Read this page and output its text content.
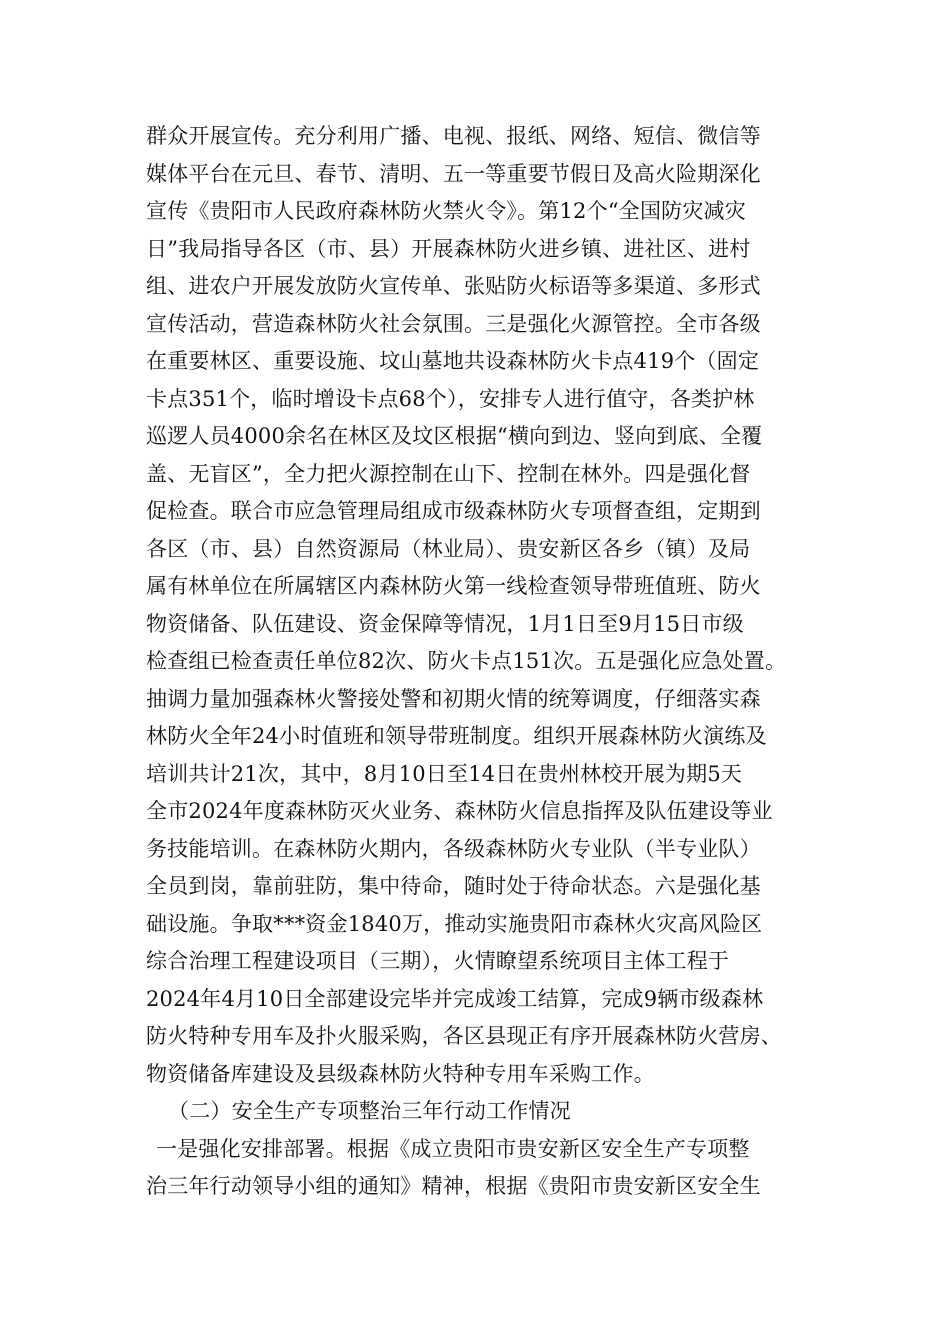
群众开展宣传。充分利用广播、电视、报纸、网络、短信、微信等
媒体平台在元旦、春节、清明、五一等重要节假日及高火险期深化
宣传《贵阳市人民政府森林防火禁火令》。第12个“全国防灾减灾
日”我局指导各区（市、县）开展森林防火进乡镇、进社区、进村
组、进农户开展发放防火宣传单、张贴防火标语等多渠道、多形式
宣传活动，营造森林防火社会氛围。三是强化火源管控。全市各级
在重要林区、重要设施、坟山墓地共设森林防火卡点419个（固定
卡点351个，临时增设卡点68个），安排专人进行值守，各类护林
巡逻人员4000余名在林区及坟区根据“横向到边、竖向到底、全覆
盖、无盲区”，全力把火源控制在山下、控制在林外。四是强化督
促检查。联合市应急管理局组成市级森林防火专项督查组，定期到
各区（市、县）自然资源局（林业局）、贵安新区各乡（镇）及局
属有林单位在所属辖区内森林防火第一线检查领导带班值班、防火
物资储备、队伍建设、资金保障等情况，1月1日至9月15日市级
检查组已检查责任单位82次、防火卡点151次。五是强化应急处置。
抽调力量加强森林火警接处警和初期火情的统筹调度，仔细落实森
林防火全年24小时值班和领导带班制度。组织开展森林防火演练及
培训共计21次，其中，8月10日至14日在贵州林校开展为期5天
全市2024年度森林防灭火业务、森林防火信息指挥及队伍建设等业
务技能培训。在森林防火期内，各级森林防火专业队（半专业队）
全员到岗，靠前驻防，集中待命，随时处于待命状态。六是强化基
础设施。争取***资金1840万，推动实施贵阳市森林火灾高风险区
综合治理工程建设项目（三期），火情瞭望系统项目主体工程于
2024年4月10日全部建设完毕并完成竣工结算，完成9辆市级森林
防火特种专用车及扑火服采购，各区县现正有序开展森林防火营房、
物资储备库建设及县级森林防火特种专用车采购工作。
（二）安全生产专项整治三年行动工作情况
一是强化安排部署。根据《成立贵阳市贵安新区安全生产专项整
治三年行动领导小组的通知》精神，根据《贵阳市贵安新区安全生
